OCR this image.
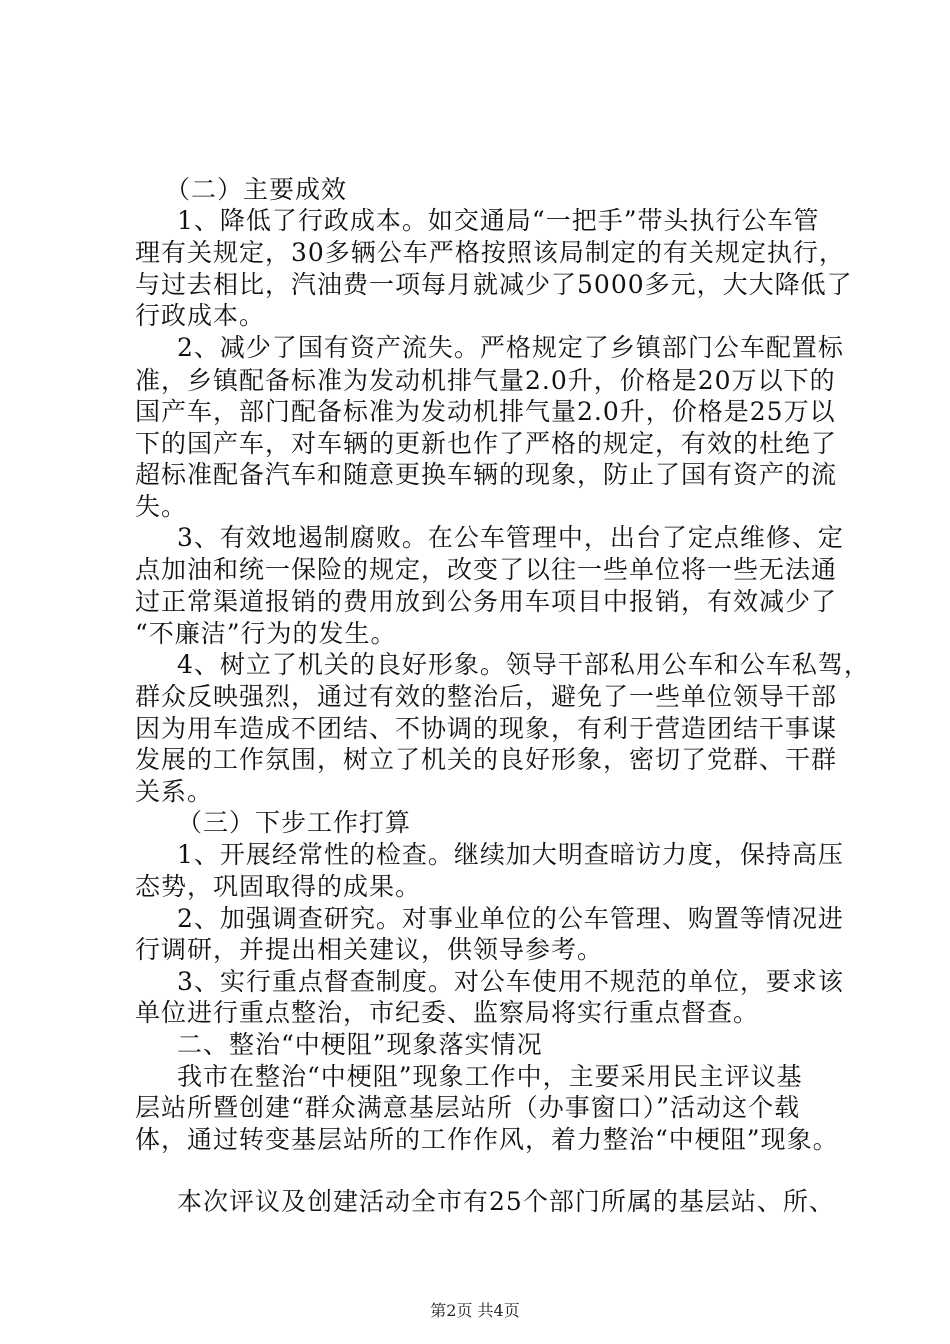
（二）主要成效
1、降低了行政成本。如交通局“一把手”带头执行公车管
理有关规定，30多辆公车严格按照该局制定的有关规定执行，
与过去相比，汽油费一项每月就减少了5000多元，大大降低了
行政成本。
2、减少了国有资产流失。严格规定了乡镇部门公车配置标
准，乡镇配备标准为发动机排气量2.0升，价格是20万以下的
国产车，部门配备标准为发动机排气量2.0升，价格是25万以
下的国产车，对车辆的更新也作了严格的规定，有效的杜绝了
超标准配备汽车和随意更换车辆的现象，防止了国有资产的流
失。
3、有效地遏制腐败。在公车管理中，出台了定点维修、定
点加油和统一保险的规定，改变了以往一些单位将一些无法通
过正常渠道报销的费用放到公务用车项目中报销，有效减少了
“不廉洁”行为的发生。
4、树立了机关的良好形象。领导干部私用公车和公车私驾，
群众反映强烈，通过有效的整治后，避免了一些单位领导干部
因为用车造成不团结、不协调的现象，有利于营造团结干事谋
发展的工作氛围，树立了机关的良好形象，密切了党群、干群
关系。
（三）下步工作打算
1、开展经常性的检查。继续加大明查暗访力度，保持高压
态势，巩固取得的成果。
2、加强调查研究。对事业单位的公车管理、购置等情况进
行调研，并提出相关建议，供领导参考。
3、实行重点督查制度。对公车使用不规范的单位，要求该
单位进行重点整治，市纪委、监察局将实行重点督查。
二、整治“中梗阻”现象落实情况
我市在整治“中梗阻”现象工作中，主要采用民主评议基
层站所暨创建“群众满意基层站所（办事窗口）”活动这个载
体，通过转变基层站所的工作作风，着力整治“中梗阻”现象。
本次评议及创建活动全市有25个部门所属的基层站、所、
第2页 共4页
